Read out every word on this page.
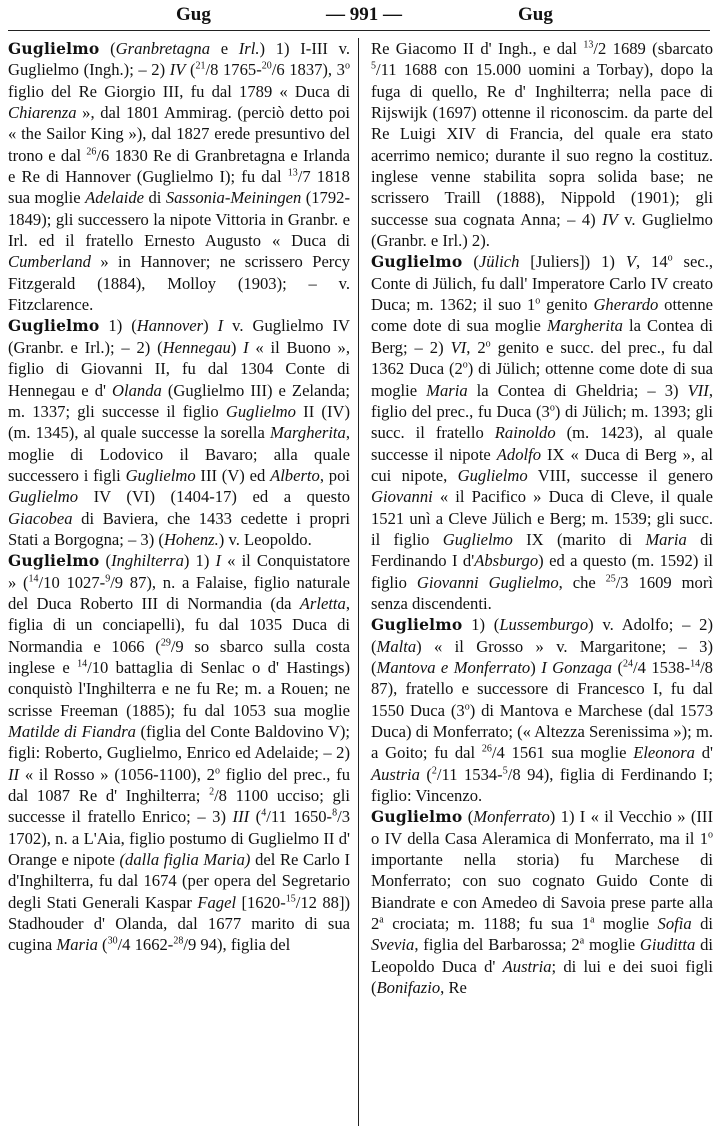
Gug	— 991 —	Gug

Guglielmo (Granbretagna e Irl.) 1) I-III v. Guglielmo (Ingh.); – 2) IV ($^{21}$/8 1765-$^{20}$/6 1837), 3$^o$ figlio del Re Giorgio III, fu dal 1789 « Duca di Chiarenza », dal 1801 Ammirag. (perciò detto poi « the Sailor King »), dal 1827 erede presuntivo del trono e dal $^{26}$/6 1830 Re di Granbretagna e Irlanda e Re di Hannover (Guglielmo I); fu dal $^{13}$/7 1818 sua moglie Adelaide di Sassonia-Meiningen (1792-1849); gli successero la nipote Vittoria in Granbr. e Irl. ed il fratello Ernesto Augusto « Duca di Cumberland » in Hannover; ne scrissero Percy Fitzgerald (1884), Molloy (1903); – v. Fitzclarence.

Guglielmo 1) (Hannover) I v. Guglielmo IV (Granbr. e Irl.); – 2) (Hennegau) I « il Buono », figlio di Giovanni II, fu dal 1304 Conte di Hennegau e d' Olanda (Guglielmo III) e Zelanda; m. 1337; gli successe il figlio Guglielmo II (IV) (m. 1345), al quale successe la sorella Margherita, moglie di Lodovico il Bavaro; alla quale successero i figli Guglielmo III (V) ed Alberto, poi Guglielmo IV (VI) (1404-17) ed a questo Giacobea di Baviera, che 1433 cedette i propri Stati a Borgogna; – 3) (Hohenz.) v. Leopoldo.

Guglielmo (Inghilterra) 1) I « il Conquistatore » ($^{14}$/10 1027-$^9$/9 87), n. a Falaise, figlio naturale del Duca Roberto III di Normandia (da Arletta, figlia di un conciapelli), fu dal 1035 Duca di Normandia e 1066 ($^{29}$/9 so sbarco sulla costa inglese e $^{14}$/10 battaglia di Senlac o d' Hastings) conquistò l'Inghilterra e ne fu Re; m. a Rouen; ne scrisse Freeman (1885); fu dal 1053 sua moglie Matilde di Fiandra (figlia del Conte Baldovino V); figli: Roberto, Guglielmo, Enrico ed Adelaide; – 2) II « il Rosso » (1056-1100), 2$^o$ figlio del prec., fu dal 1087 Re d' Inghilterra; $^2$/8 1100 ucciso; gli successe il fratello Enrico; – 3) III ($^4$/11 1650-$^8$/3 1702), n. a L'Aia, figlio postumo di Guglielmo II d' Orange e nipote (dalla figlia Maria) del Re Carlo I d'Inghilterra, fu dal 1674 (per opera del Segretario degli Stati Generali Kaspar Fagel [1620-$^{15}$/12 88]) Stadhouder d' Olanda, dal 1677 marito di sua cugina Maria ($^{30}$/4 1662-$^{28}$/9 94), figlia del

Re Giacomo II d' Ingh., e dal $^{13}$/2 1689 (sbarcato $^5$/11 1688 con 15.000 uomini a Torbay), dopo la fuga di quello, Re d' Inghilterra; nella pace di Rijswijk (1697) ottenne il riconoscim. da parte del Re Luigi XIV di Francia, del quale era stato acerrimo nemico; durante il suo regno la costituz. inglese venne stabilita sopra solida base; ne scrissero Traill (1888), Nippold (1901); gli successe sua cognata Anna; – 4) IV v. Guglielmo (Granbr. e Irl.) 2).

Guglielmo (Jülich [Juliers]) 1) V, 14$^o$ sec., Conte di Jülich, fu dall' Imperatore Carlo IV creato Duca; m. 1362; il suo 1$^o$ genito Gherardo ottenne come dote di sua moglie Margherita la Contea di Berg; – 2) VI, 2$^o$ genito e succ. del prec., fu dal 1362 Duca (2$^o$) di Jülich; ottenne come dote di sua moglie Maria la Contea di Gheldria; – 3) VII, figlio del prec., fu Duca (3$^o$) di Jülich; m. 1393; gli succ. il fratello Rainoldo (m. 1423), al quale successe il nipote Adolfo IX « Duca di Berg », al cui nipote, Guglielmo VIII, successe il genero Giovanni « il Pacifico » Duca di Cleve, il quale 1521 unì a Cleve Jülich e Berg; m. 1539; gli succ. il figlio Guglielmo IX (marito di Maria di Ferdinando I d'Absburgo) ed a questo (m. 1592) il figlio Giovanni Guglielmo, che $^{25}$/3 1609 morì senza discendenti.

Guglielmo 1) (Lussemburgo) v. Adolfo; – 2) (Malta) « il Grosso » v. Margaritone; – 3) (Mantova e Monferrato) I Gonzaga ($^{24}$/4 1538-$^{14}$/8 87), fratello e successore di Francesco I, fu dal 1550 Duca (3$^o$) di Mantova e Marchese (dal 1573 Duca) di Monferrato; (« Altezza Serenissima »); m. a Goito; fu dal $^{26}$/4 1561 sua moglie Eleonora d' Austria ($^2$/11 1534-$^5$/8 94), figlia di Ferdinando I; figlio: Vincenzo.

Guglielmo (Monferrato) 1) I « il Vecchio » (III o IV della Casa Aleramica di Monferrato, ma il 1$^o$ importante nella storia) fu Marchese di Monferrato; con suo cognato Guido Conte di Biandrate e con Amedeo di Savoia prese parte alla 2$^a$ crociata; m. 1188; fu sua 1$^a$ moglie Sofia di Svevia, figlia del Barbarossa; 2$^a$ moglie Giuditta di Leopoldo Duca d' Austria; di lui e dei suoi figli (Bonifazio, Re
